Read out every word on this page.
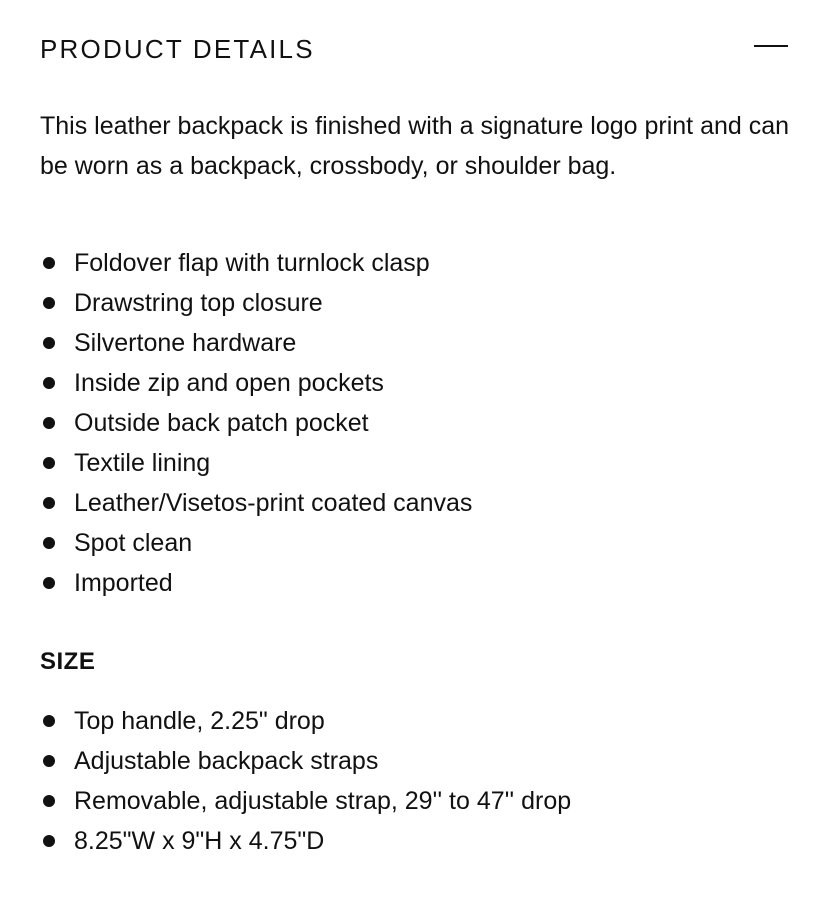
PRODUCT DETAILS

This leather backpack is finished with a signature logo print and can be worn as a backpack, crossbody, or shoulder bag.

Foldover flap with turnlock clasp
Drawstring top closure
Silvertone hardware
Inside zip and open pockets
Outside back patch pocket
Textile lining
Leather/Visetos-print coated canvas
Spot clean
Imported
SIZE
Top handle, 2.25" drop
Adjustable backpack straps
Removable, adjustable strap, 29'' to 47'' drop
8.25"W x 9"H x 4.75"D
